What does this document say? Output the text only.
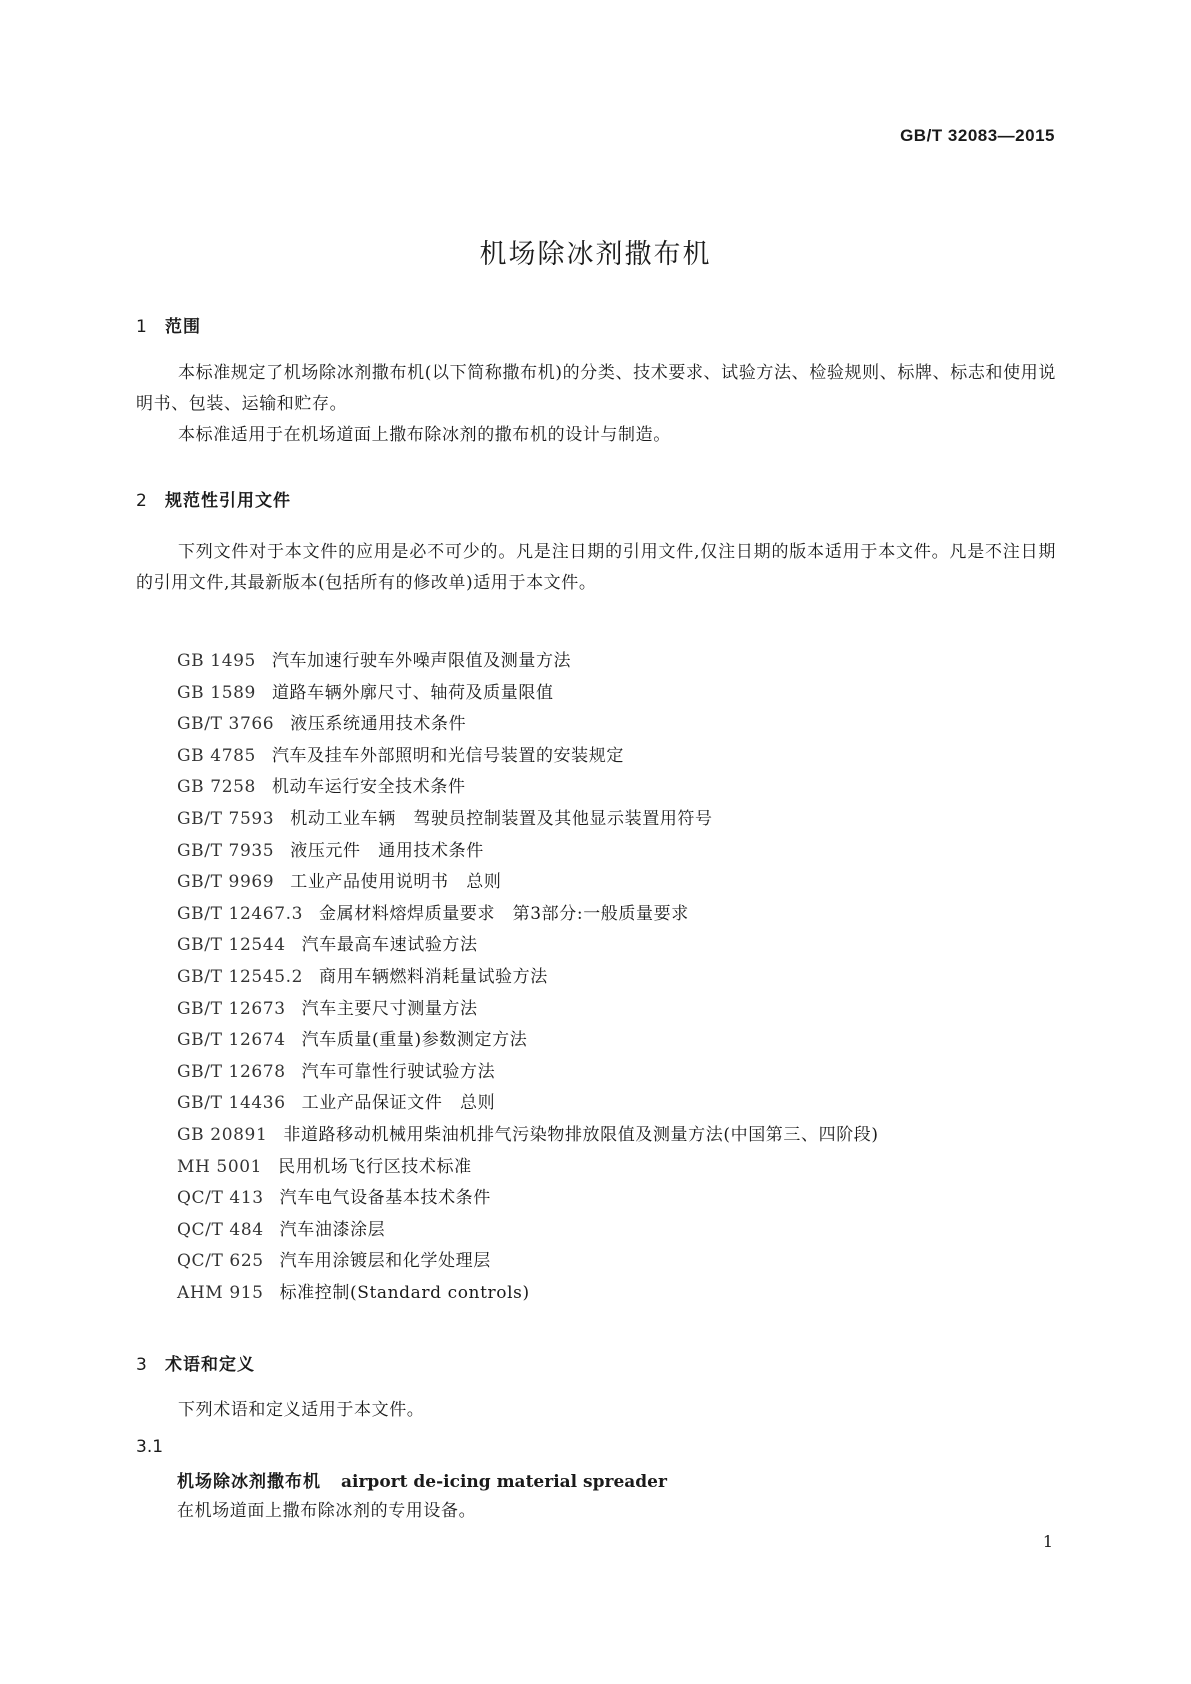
GB/T 32083—2015
机场除冰剂撒布机
1 范围

本标准规定了机场除冰剂撒布机(以下简称撒布机)的分类、技术要求、试验方法、检验规则、标牌、标志和使用说明书、包装、运输和贮存。

本标准适用于在机场道面上撒布除冰剂的撒布机的设计与制造。

2 规范性引用文件

下列文件对于本文件的应用是必不可少的。凡是注日期的引用文件,仅注日期的版本适用于本文件。凡是不注日期的引用文件,其最新版本(包括所有的修改单)适用于本文件。

GB 1495 汽车加速行驶车外噪声限值及测量方法
GB 1589 道路车辆外廓尺寸、轴荷及质量限值
GB/T 3766 液压系统通用技术条件
GB 4785 汽车及挂车外部照明和光信号装置的安装规定
GB 7258 机动车运行安全技术条件
GB/T 7593 机动工业车辆　驾驶员控制装置及其他显示装置用符号
GB/T 7935 液压元件　通用技术条件
GB/T 9969 工业产品使用说明书　总则
GB/T 12467.3 金属材料熔焊质量要求　第3部分:一般质量要求
GB/T 12544 汽车最高车速试验方法
GB/T 12545.2 商用车辆燃料消耗量试验方法
GB/T 12673 汽车主要尺寸测量方法
GB/T 12674 汽车质量(重量)参数测定方法
GB/T 12678 汽车可靠性行驶试验方法
GB/T 14436 工业产品保证文件　总则
GB 20891 非道路移动机械用柴油机排气污染物排放限值及测量方法(中国第三、四阶段)
MH 5001 民用机场飞行区技术标准
QC/T 413 汽车电气设备基本技术条件
QC/T 484 汽车油漆涂层
QC/T 625 汽车用涂镀层和化学处理层
AHM 915 标准控制(Standard controls)
3 术语和定义

下列术语和定义适用于本文件。

3.1
机场除冰剂撒布机 airport de-icing material spreader
在机场道面上撒布除冰剂的专用设备。
1
